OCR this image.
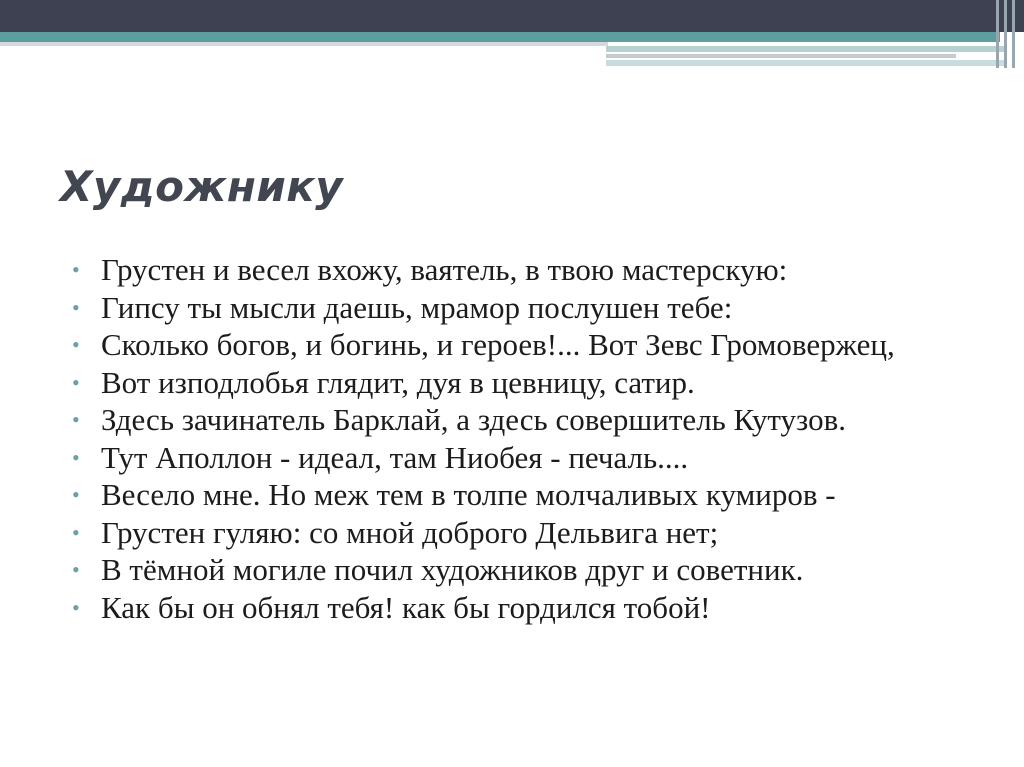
Художнику
• Грустен и весел вхожу, ваятель, в твою мастерскую:
• Гипсу ты мысли даешь, мрамор послушен тебе:
• Сколько богов, и богинь, и героев!... Вот Зевс Громовержец,
• Вот изподлобья глядит, дуя в цевницу, сатир.
• Здесь зачинатель Барклай, а здесь совершитель Кутузов.
• Тут Аполлон - идеал, там Ниобея - печаль....
• Весело мне. Но меж тем в толпе молчаливых кумиров -
• Грустен гуляю: со мной доброго Дельвига нет;
• В тёмной могиле почил художников друг и советник.
• Как бы он обнял тебя! как бы гордился тобой!
